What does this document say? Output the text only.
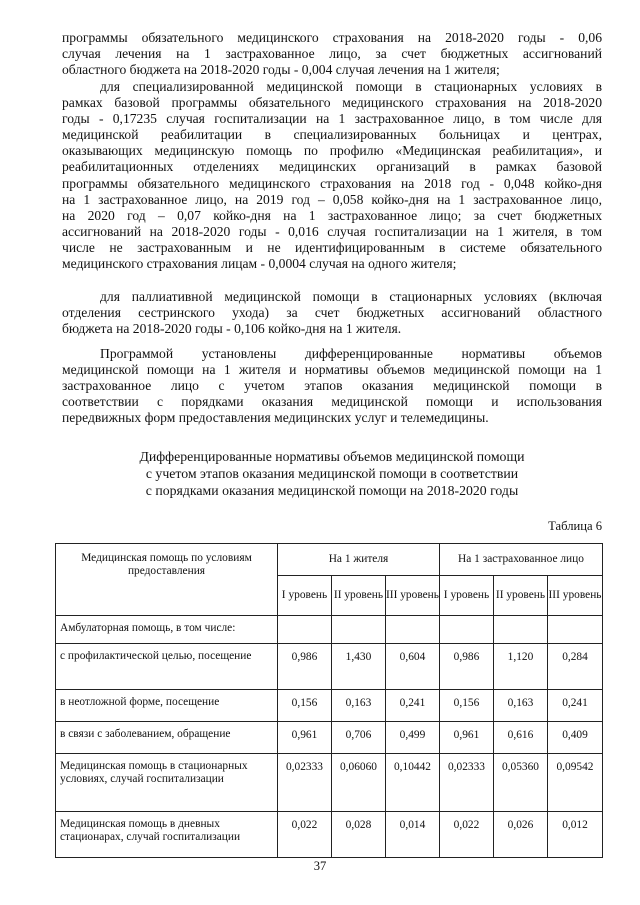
программы обязательного медицинского страхования на 2018-2020 годы - 0,06
случая лечения на 1 застрахованное лицо, за счет бюджетных ассигнований
областного бюджета на 2018-2020 годы - 0,004 случая лечения на 1 жителя;
для специализированной медицинской помощи в стационарных условиях в
рамках базовой программы обязательного медицинского страхования на 2018-2020
годы - 0,17235 случая госпитализации на 1 застрахованное лицо, в том числе для
медицинской реабилитации в специализированных больницах и центрах,
оказывающих медицинскую помощь по профилю «Медицинская реабилитация», и
реабилитационных отделениях медицинских организаций в рамках базовой
программы обязательного медицинского страхования на 2018 год - 0,048 койко-дня
на 1 застрахованное лицо, на 2019 год – 0,058 койко-дня на 1 застрахованное лицо,
на 2020 год – 0,07 койко-дня на 1 застрахованное лицо; за счет бюджетных
ассигнований на 2018-2020 годы - 0,016 случая госпитализации на 1 жителя, в том
числе не застрахованным и не идентифицированным в системе обязательного
медицинского страхования лицам - 0,0004 случая на одного жителя;
для паллиативной медицинской помощи в стационарных условиях (включая
отделения сестринского ухода) за счет бюджетных ассигнований областного
бюджета на 2018-2020 годы - 0,106 койко-дня на 1 жителя.
Программой установлены дифференцированные нормативы объемов
медицинской помощи на 1 жителя и нормативы объемов медицинской помощи на 1
застрахованное лицо с учетом этапов оказания медицинской помощи в
соответствии с порядками оказания медицинской помощи и использования
передвижных форм предоставления медицинских услуг и телемедицины.
Дифференцированные нормативы объемов медицинской помощи
с учетом этапов оказания медицинской помощи в соответствии
с порядками оказания медицинской помощи на 2018-2020 годы
Таблица 6
Медицинская помощь по условиям предоставления	На 1 жителя			На 1 застрахованное лицо		
	I уровень	II уровень	III уровень	I уровень	II уровень	III уровень
Амбулаторная помощь, в том числе:						
с профилактической целью, посещение	0,986	1,430	0,604	0,986	1,120	0,284
в неотложной форме, посещение	0,156	0,163	0,241	0,156	0,163	0,241
в связи с заболеванием, обращение	0,961	0,706	0,499	0,961	0,616	0,409
Медицинская помощь в стационарных условиях, случай госпитализации	0,02333	0,06060	0,10442	0,02333	0,05360	0,09542
Медицинская помощь в дневных стационарах, случай госпитализации	0,022	0,028	0,014	0,022	0,026	0,012
37
